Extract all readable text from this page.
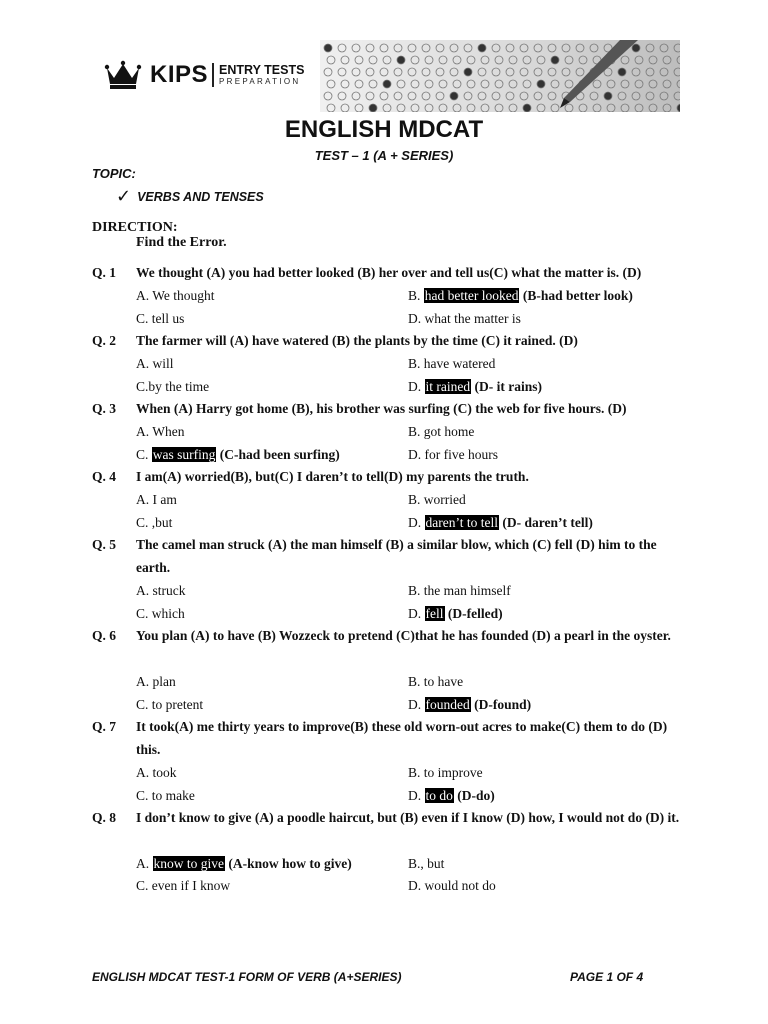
KIPS ENTRY TESTS
PREPARATION
ENGLISH MDCAT
TEST – 1 (A + SERIES)
TOPIC:
✓ VERBS AND TENSES
DIRECTION:
Find the Error.
Q. 1 We thought (A) you had better looked (B) her over and tell us(C) what the matter is. (D)
A. We thought	B. had better looked (B-had better look)
C. tell us	D. what the matter is
Q. 2 The farmer will (A) have watered (B) the plants by the time (C) it rained. (D)
A. will	B. have watered
C.by the time	D. it rained (D- it rains)
Q. 3 When (A) Harry got home (B), his brother was surfing (C) the web for five hours. (D)
A. When	B. got home
C. was surfing (C-had been surfing)	D. for five hours
Q. 4 I am(A) worried(B), but(C) I daren’t to tell(D) my parents the truth.
A. I am	B. worried
C. ,but	D. daren’t to tell (D- daren’t tell)
Q. 5 The camel man struck (A) the man himself (B) a similar blow, which (C) fell (D) him to the earth.
A. struck	B. the man himself
C. which	D. fell (D-felled)
Q. 6 You plan (A) to have (B) Wozzeck to pretend (C)that he has founded (D) a pearl in the oyster.
A. plan	B. to have
C. to pretent	D. founded (D-found)
Q. 7 It took(A) me thirty years to improve(B) these old worn-out acres to make(C) them to do (D) this.
A. took	B. to improve
C. to make	D. to do (D-do)
Q. 8 I don’t know to give (A) a poodle haircut, but (B) even if I know (D) how, I would not do (D) it.
A. know to give (A-know how to give)	B., but
C. even if I know	D. would not do
ENGLISH MDCAT TEST-1 FORM OF VERB (A+SERIES)	PAGE 1 OF 4
